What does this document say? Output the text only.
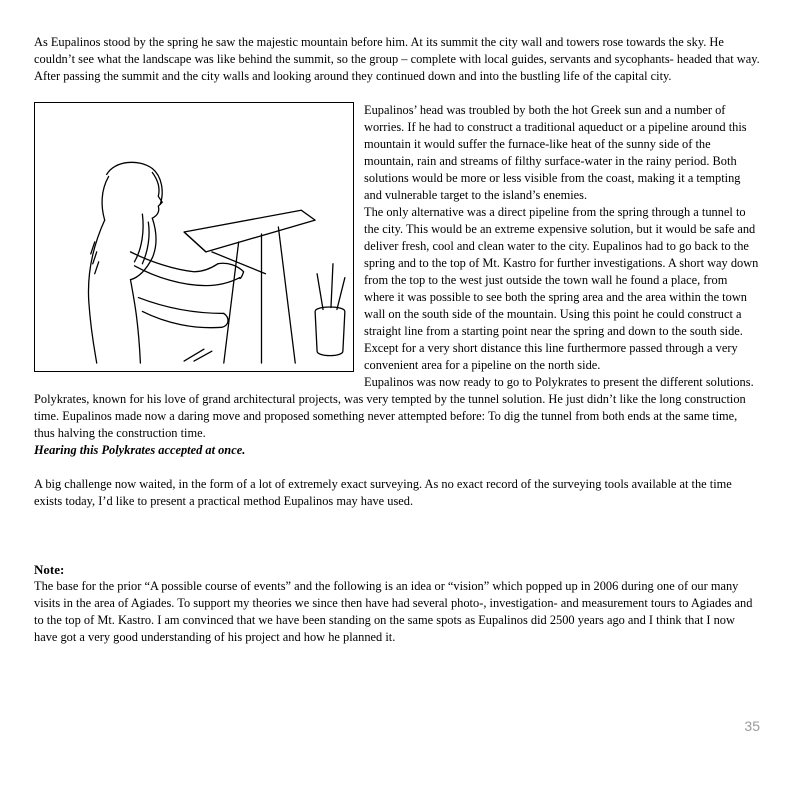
As Eupalinos stood by the spring he saw the majestic mountain before him. At its summit the city wall and towers rose towards the sky. He couldn’t see what the landscape was like behind the summit, so the group – complete with local guides, servants and sycophants- headed that way. After passing the summit and the city walls and looking around they continued down and into the bustling life of the capital city.

Eupalinos’ head was troubled by both the hot Greek sun and a number of worries. If he had to construct a traditional aqueduct or a pipeline around this mountain it would suffer the furnace-like heat of the sunny side of the mountain, rain and streams of filthy surface-water in the rainy period. Both solutions would be more or less visible from the coast, making it a tempting and vulnerable target to the island’s enemies.

The only alternative was a direct pipeline from the spring through a tunnel to the city. This would be an extreme expensive solution, but it would be safe and deliver fresh, cool and clean water to the city. Eupalinos had to go back to the spring and to the top of Mt. Kastro for further investigations. A short way down from the top to the west just outside the town wall he found a place, from where it was possible to see both the spring area and the area within the town wall on the south side of the mountain. Using this point he could construct a straight line from a starting point near the spring and down to the south side. Except for a very short distance this line furthermore passed through a very convenient area for a pipeline on the north side.

Eupalinos was now ready to go to Polykrates to present the different solutions. Polykrates, known for his love of grand architectural projects, was very tempted by the tunnel solution. He just didn’t like the long construction time. Eupalinos made now a daring move and proposed something never attempted before: To dig the tunnel from both ends at the same time, thus halving the construction time.

Hearing this Polykrates accepted at once.

A big challenge now waited, in the form of a lot of extremely exact surveying. As no exact record of the surveying tools available at the time exists today, I’d like to present a practical method Eupalinos may have used.

Note:

The base for the prior “A possible course of events” and the following is an idea or “vision” which popped up in 2006 during one of our many visits in the area of Agiades. To support my theories we since then have had several photo-, investigation- and measurement tours to Agiades and to the top of Mt. Kastro. I am convinced that we have been standing on the same spots as Eupalinos did 2500 years ago and I think that I now have got a very good understanding of his project and how he planned it.

35
